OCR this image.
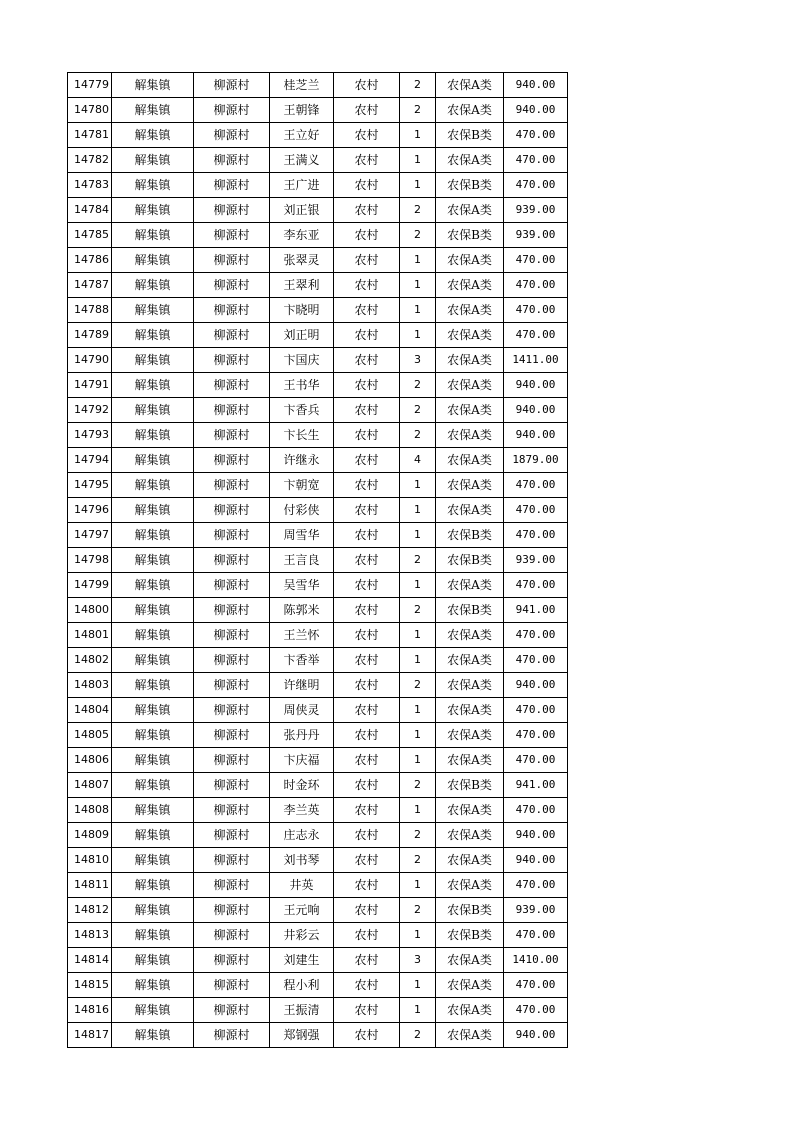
14779	解集镇	柳源村	桂芝兰	农村	2	农保A类	940.00
14780	解集镇	柳源村	王朝锋	农村	2	农保A类	940.00
14781	解集镇	柳源村	王立好	农村	1	农保B类	470.00
14782	解集镇	柳源村	王满义	农村	1	农保A类	470.00
14783	解集镇	柳源村	王广进	农村	1	农保B类	470.00
14784	解集镇	柳源村	刘正银	农村	2	农保A类	939.00
14785	解集镇	柳源村	李东亚	农村	2	农保B类	939.00
14786	解集镇	柳源村	张翠灵	农村	1	农保A类	470.00
14787	解集镇	柳源村	王翠利	农村	1	农保A类	470.00
14788	解集镇	柳源村	卞晓明	农村	1	农保A类	470.00
14789	解集镇	柳源村	刘正明	农村	1	农保A类	470.00
14790	解集镇	柳源村	卞国庆	农村	3	农保A类	1411.00
14791	解集镇	柳源村	王书华	农村	2	农保A类	940.00
14792	解集镇	柳源村	卞香兵	农村	2	农保A类	940.00
14793	解集镇	柳源村	卞长生	农村	2	农保A类	940.00
14794	解集镇	柳源村	许继永	农村	4	农保A类	1879.00
14795	解集镇	柳源村	卞朝宽	农村	1	农保A类	470.00
14796	解集镇	柳源村	付彩侠	农村	1	农保A类	470.00
14797	解集镇	柳源村	周雪华	农村	1	农保B类	470.00
14798	解集镇	柳源村	王言良	农村	2	农保B类	939.00
14799	解集镇	柳源村	吴雪华	农村	1	农保A类	470.00
14800	解集镇	柳源村	陈郭米	农村	2	农保B类	941.00
14801	解集镇	柳源村	王兰怀	农村	1	农保A类	470.00
14802	解集镇	柳源村	卞香举	农村	1	农保A类	470.00
14803	解集镇	柳源村	许继明	农村	2	农保A类	940.00
14804	解集镇	柳源村	周侠灵	农村	1	农保A类	470.00
14805	解集镇	柳源村	张丹丹	农村	1	农保A类	470.00
14806	解集镇	柳源村	卞庆福	农村	1	农保A类	470.00
14807	解集镇	柳源村	时金环	农村	2	农保B类	941.00
14808	解集镇	柳源村	李兰英	农村	1	农保A类	470.00
14809	解集镇	柳源村	庄志永	农村	2	农保A类	940.00
14810	解集镇	柳源村	刘书琴	农村	2	农保A类	940.00
14811	解集镇	柳源村	井英	农村	1	农保A类	470.00
14812	解集镇	柳源村	王元响	农村	2	农保B类	939.00
14813	解集镇	柳源村	井彩云	农村	1	农保B类	470.00
14814	解集镇	柳源村	刘建生	农村	3	农保A类	1410.00
14815	解集镇	柳源村	程小利	农村	1	农保A类	470.00
14816	解集镇	柳源村	王振清	农村	1	农保A类	470.00
14817	解集镇	柳源村	郑钢强	农村	2	农保A类	940.00
